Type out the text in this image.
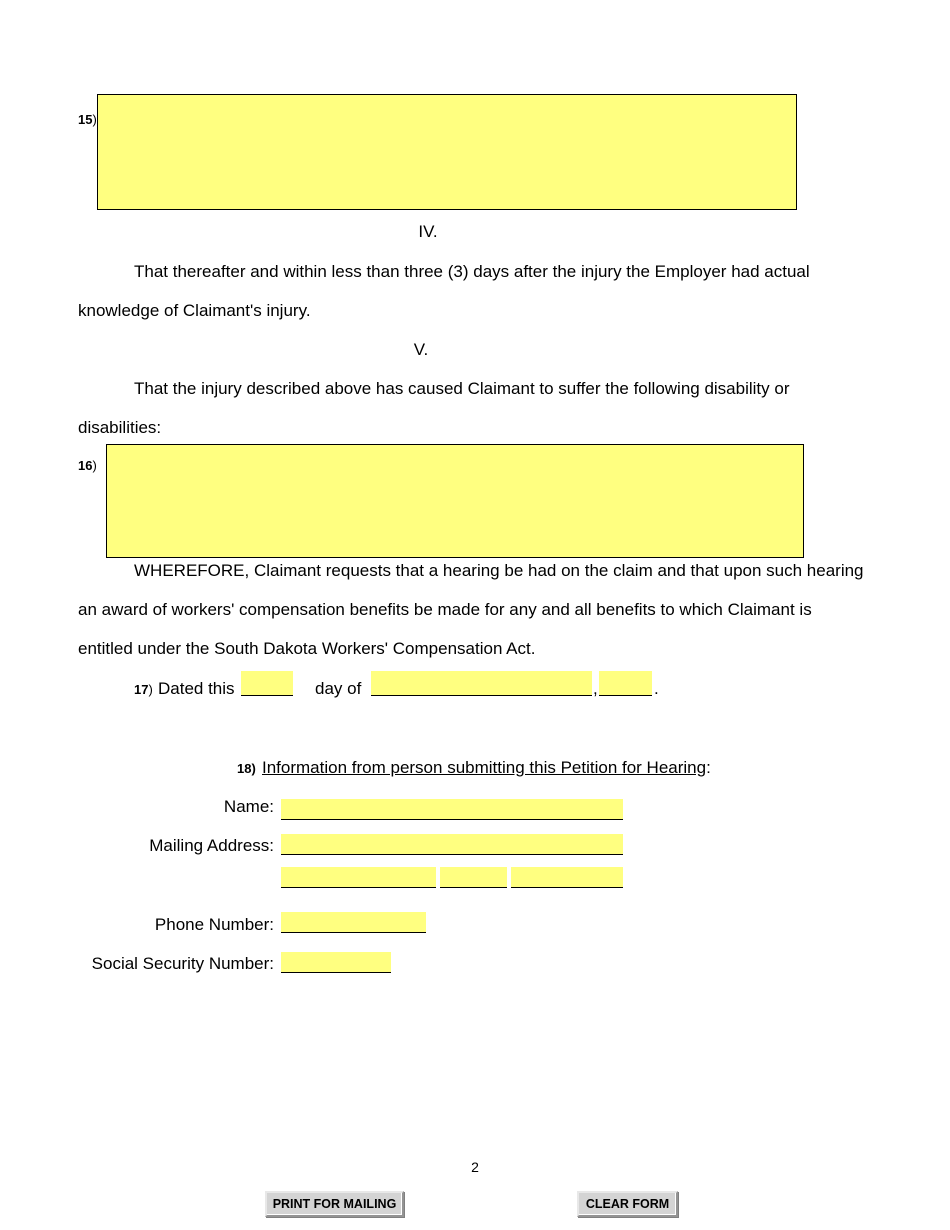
15)
IV.
That thereafter and within less than three (3) days after the injury the Employer had actual
knowledge of Claimant's injury.
V.
That the injury described above has caused Claimant to suffer the following disability or
disabilities:
16)
WHEREFORE, Claimant requests that a hearing be had on the claim and that upon such hearing
an award of workers' compensation benefits be made for any and all benefits to which Claimant is
entitled under the South Dakota Workers' Compensation Act.
17) Dated this	day of	,	.
18) Information from person submitting this Petition for Hearing:
Name:
Mailing Address:
Phone Number:
Social Security Number:
2
PRINT FOR MAILING	CLEAR FORM
